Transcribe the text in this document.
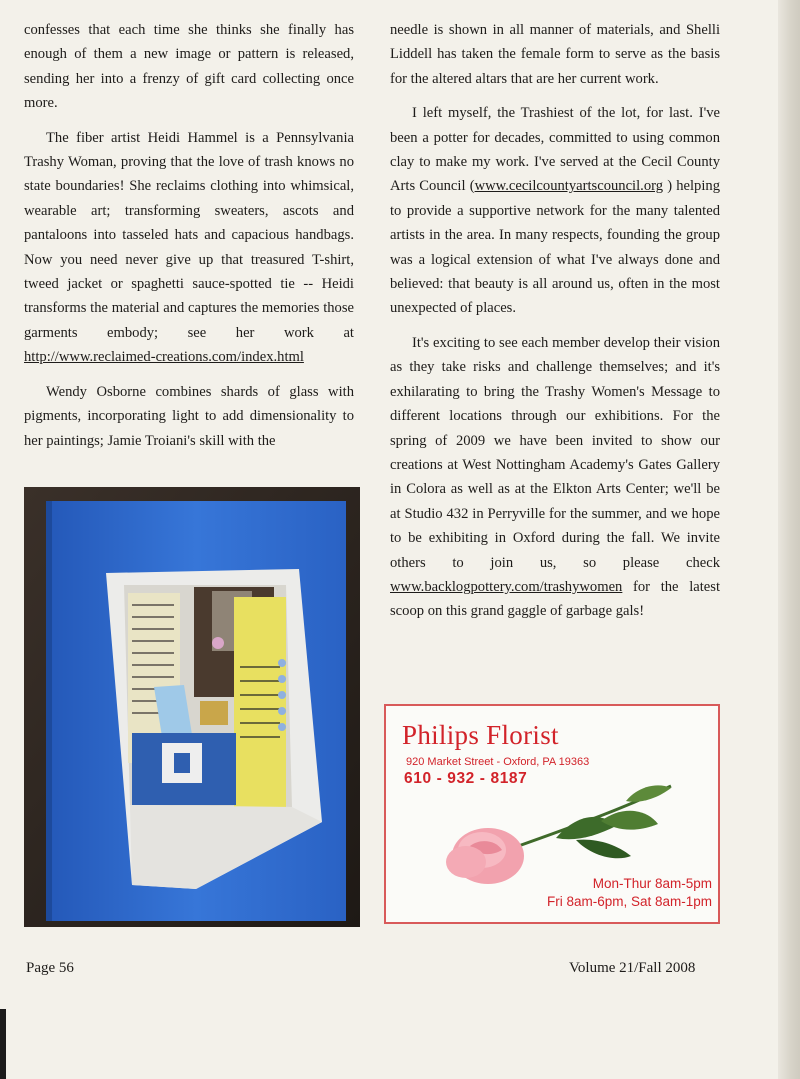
confesses that each time she thinks she finally has enough of them a new image or pattern is released, sending her into a frenzy of gift card collecting once more.

The fiber artist Heidi Hammel is a Pennsylvania Trashy Woman, proving that the love of trash knows no state boundaries! She reclaims clothing into whimsical, wearable art; transforming sweaters, ascots and pantaloons into tasseled hats and capacious handbags. Now you need never give up that treasured T-shirt, tweed jacket or spaghetti sauce-spotted tie -- Heidi transforms the material and captures the memories those garments embody; see her work at http://www.reclaimed-creations.com/index.html

Wendy Osborne combines shards of glass with pigments, incorporating light to add dimensionality to her paintings; Jamie Troiani's skill with the

needle is shown in all manner of materials, and Shelli Liddell has taken the female form to serve as the basis for the altered altars that are her current work.

I left myself, the Trashiest of the lot, for last. I've been a potter for decades, committed to using common clay to make my work. I've served at the Cecil County Arts Council (www.cecilcountyartscouncil.org ) helping to provide a supportive network for the many talented artists in the area. In many respects, founding the group was a logical extension of what I've always done and believed: that beauty is all around us, often in the most unexpected of places.

It's exciting to see each member develop their vision as they take risks and challenge themselves; and it's exhilarating to bring the Trashy Women's Message to different locations through our exhibitions. For the spring of 2009 we have been invited to show our creations at West Nottingham Academy's Gates Gallery in Colora as well as at the Elkton Arts Center; we'll be at Studio 432 in Perryville for the summer, and we hope to be exhibiting in Oxford during the fall. We invite others to join us, so please check www.backlogpottery.com/trashywomen for the latest scoop on this grand gaggle of garbage gals!

Philips Florist
920 Market Street - Oxford, PA 19363
610 - 932 - 8187
Mon-Thur 8am-5pm
Fri 8am-6pm, Sat 8am-1pm
Page 56	Volume 21/Fall 2008
